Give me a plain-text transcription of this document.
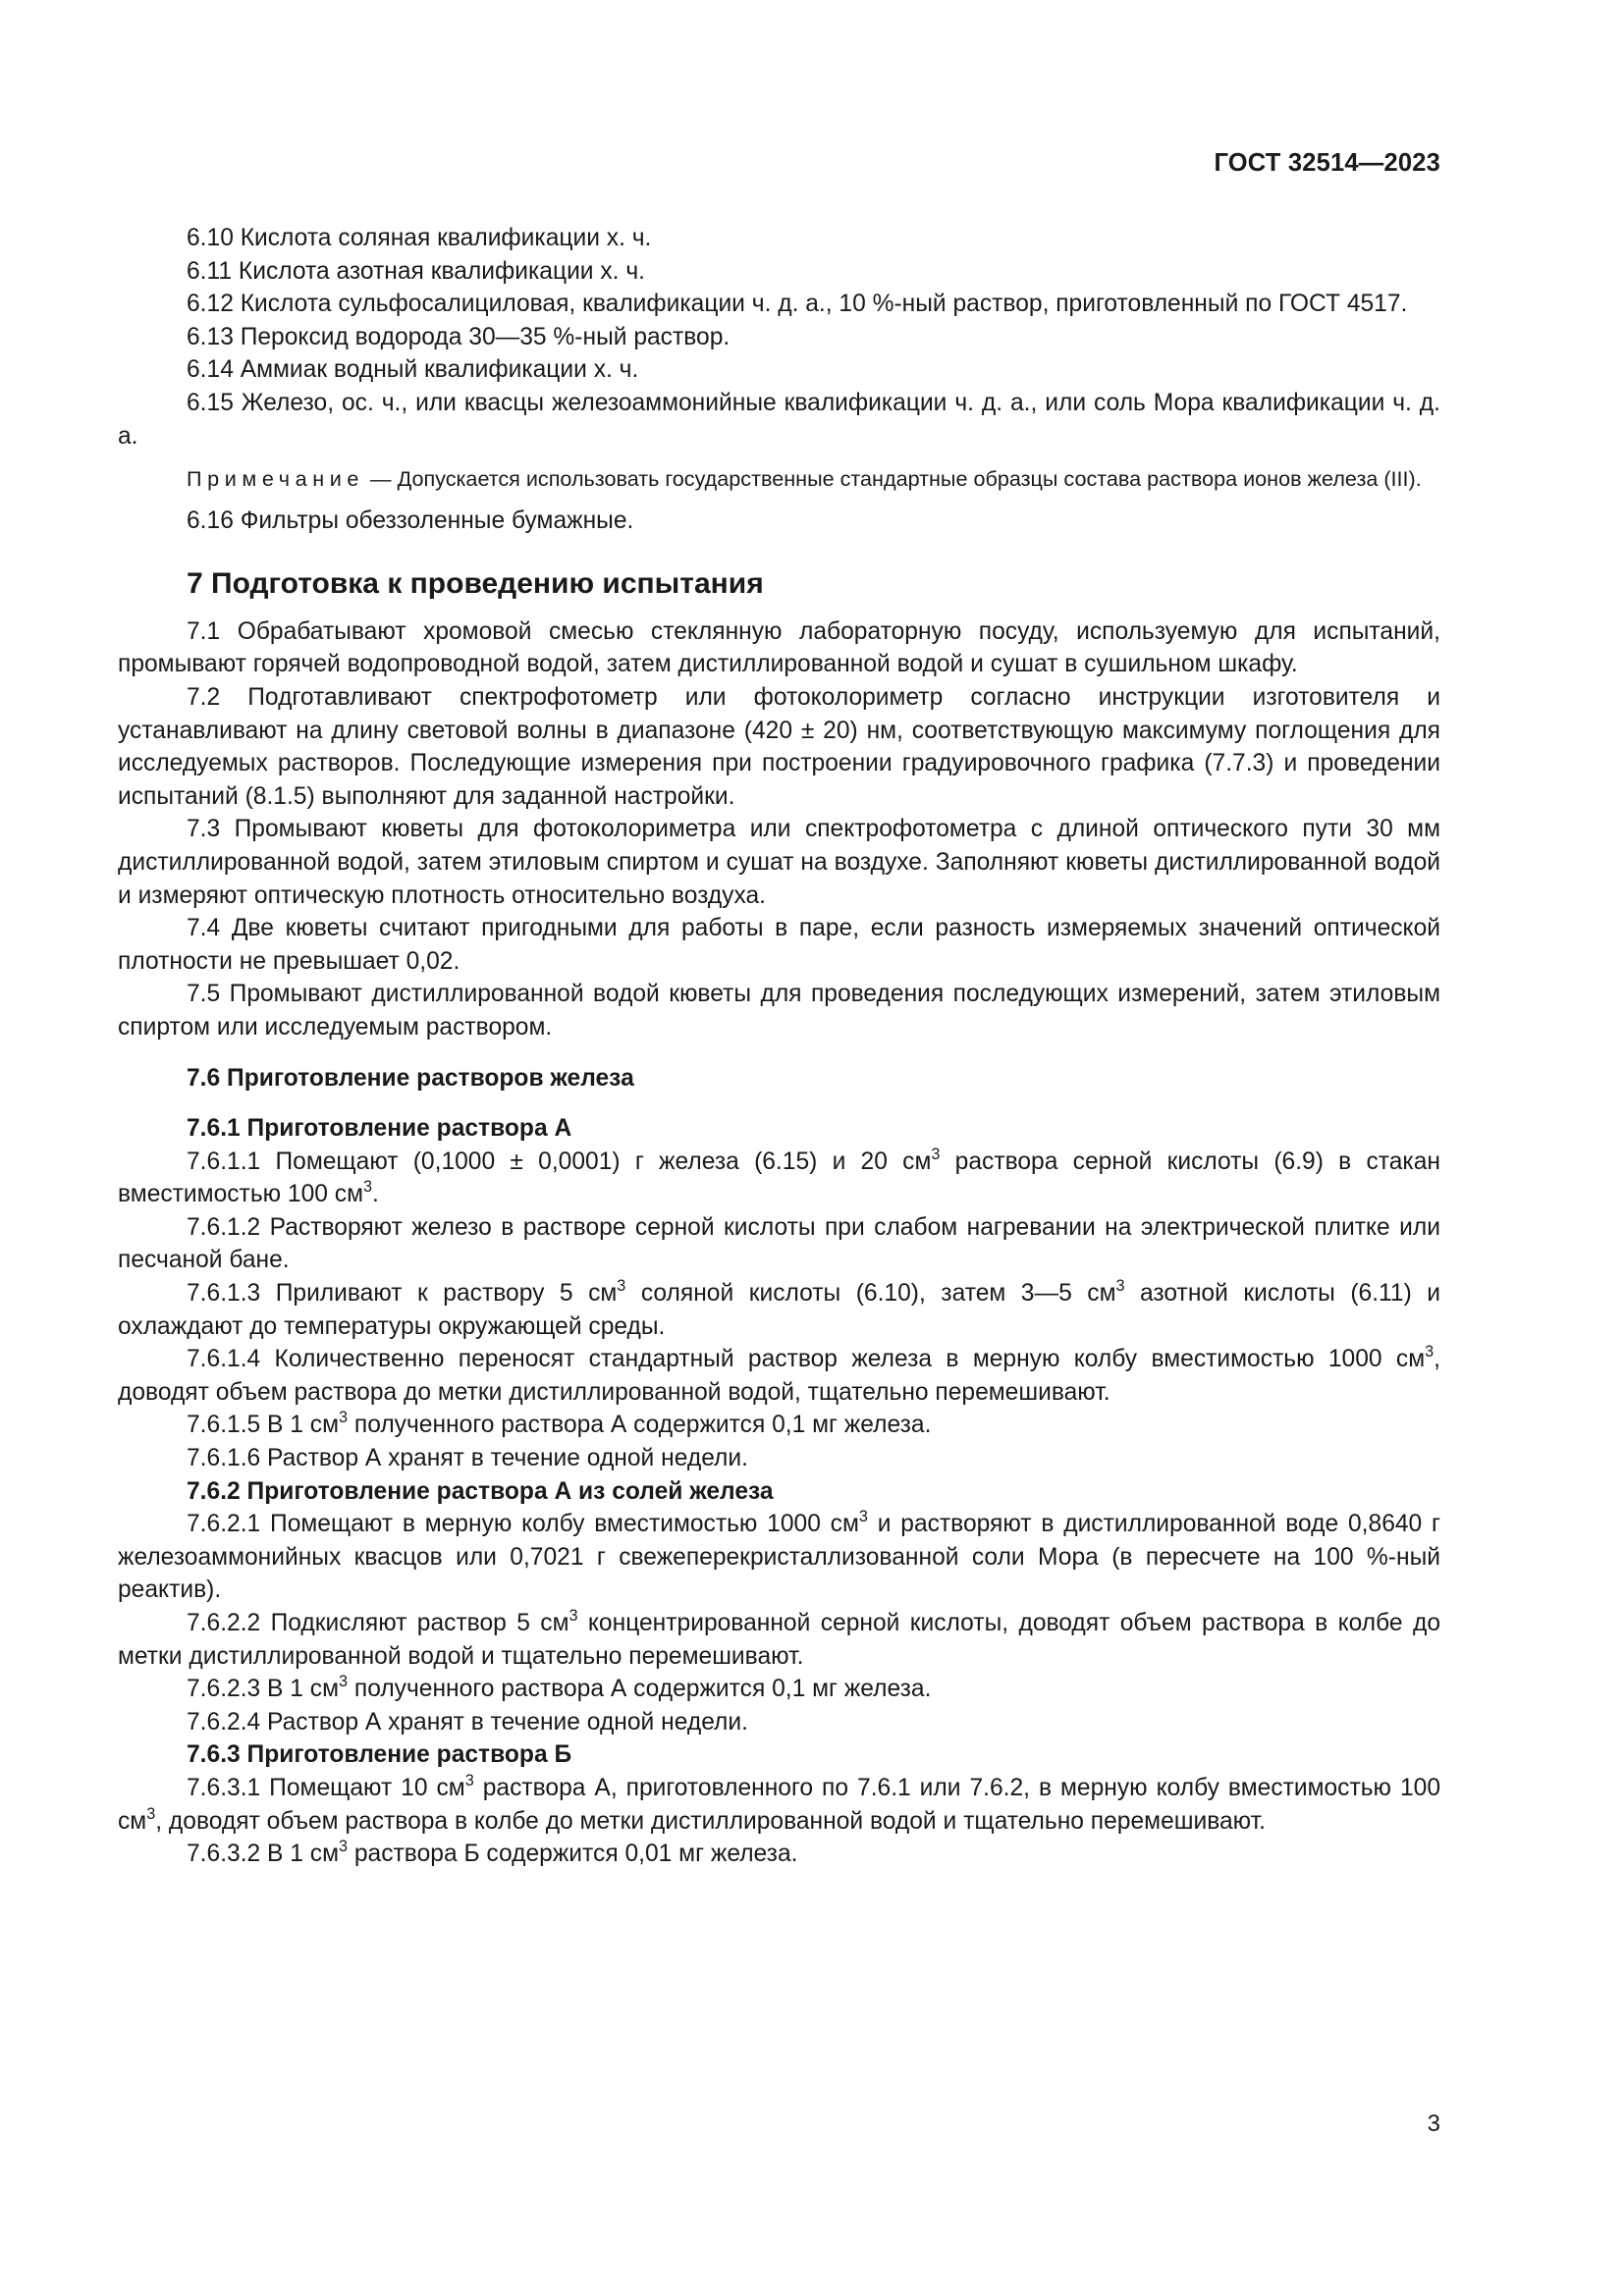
ГОСТ 32514—2023

6.10 Кислота соляная квалификации х. ч.

6.11 Кислота азотная квалификации х. ч.

6.12 Кислота сульфосалициловая, квалификации ч. д. а., 10 %-ный раствор, приготовленный по ГОСТ 4517.

6.13 Пероксид водорода 30—35 %-ный раствор.

6.14 Аммиак водный квалификации х. ч.

6.15 Железо, ос. ч., или квасцы железоаммонийные квалификации ч. д. а., или соль Мора квалификации ч. д. а.

Примечание — Допускается использовать государственные стандартные образцы состава раствора ионов железа (III).

6.16 Фильтры обеззоленные бумажные.

7 Подготовка к проведению испытания

7.1 Обрабатывают хромовой смесью стеклянную лабораторную посуду, используемую для испытаний, промывают горячей водопроводной водой, затем дистиллированной водой и сушат в сушильном шкафу.

7.2 Подготавливают спектрофотометр или фотоколориметр согласно инструкции изготовителя и устанавливают на длину световой волны в диапазоне (420 ± 20) нм, соответствующую максимуму поглощения для исследуемых растворов. Последующие измерения при построении градуировочного графика (7.7.3) и проведении испытаний (8.1.5) выполняют для заданной настройки.

7.3 Промывают кюветы для фотоколориметра или спектрофотометра с длиной оптического пути 30 мм дистиллированной водой, затем этиловым спиртом и сушат на воздухе. Заполняют кюветы дистиллированной водой и измеряют оптическую плотность относительно воздуха.

7.4 Две кюветы считают пригодными для работы в паре, если разность измеряемых значений оптической плотности не превышает 0,02.

7.5 Промывают дистиллированной водой кюветы для проведения последующих измерений, затем этиловым спиртом или исследуемым раствором.

7.6 Приготовление растворов железа

7.6.1 Приготовление раствора А

7.6.1.1 Помещают (0,1000 ± 0,0001) г железа (6.15) и 20 $см^3$ раствора серной кислоты (6.9) в стакан вместимостью 100 $см^3$.

7.6.1.2 Растворяют железо в растворе серной кислоты при слабом нагревании на электрической плитке или песчаной бане.

7.6.1.3 Приливают к раствору 5 $см^3$ соляной кислоты (6.10), затем 3—5 $см^3$ азотной кислоты (6.11) и охлаждают до температуры окружающей среды.

7.6.1.4 Количественно переносят стандартный раствор железа в мерную колбу вместимостью 1000 $см^3$, доводят объем раствора до метки дистиллированной водой, тщательно перемешивают.

7.6.1.5 В 1 $см^3$ полученного раствора А содержится 0,1 мг железа.

7.6.1.6 Раствор А хранят в течение одной недели.

7.6.2 Приготовление раствора А из солей железа

7.6.2.1 Помещают в мерную колбу вместимостью 1000 $см^3$ и растворяют в дистиллированной воде 0,8640 г железоаммонийных квасцов или 0,7021 г свежеперекристаллизованной соли Мора (в пересчете на 100 %-ный реактив).

7.6.2.2 Подкисляют раствор 5 $см^3$ концентрированной серной кислоты, доводят объем раствора в колбе до метки дистиллированной водой и тщательно перемешивают.

7.6.2.3 В 1 $см^3$ полученного раствора А содержится 0,1 мг железа.

7.6.2.4 Раствор А хранят в течение одной недели.

7.6.3 Приготовление раствора Б

7.6.3.1 Помещают 10 $см^3$ раствора А, приготовленного по 7.6.1 или 7.6.2, в мерную колбу вместимостью 100 $см^3$, доводят объем раствора в колбе до метки дистиллированной водой и тщательно перемешивают.

7.6.3.2 В 1 $см^3$ раствора Б содержится 0,01 мг железа.

3
